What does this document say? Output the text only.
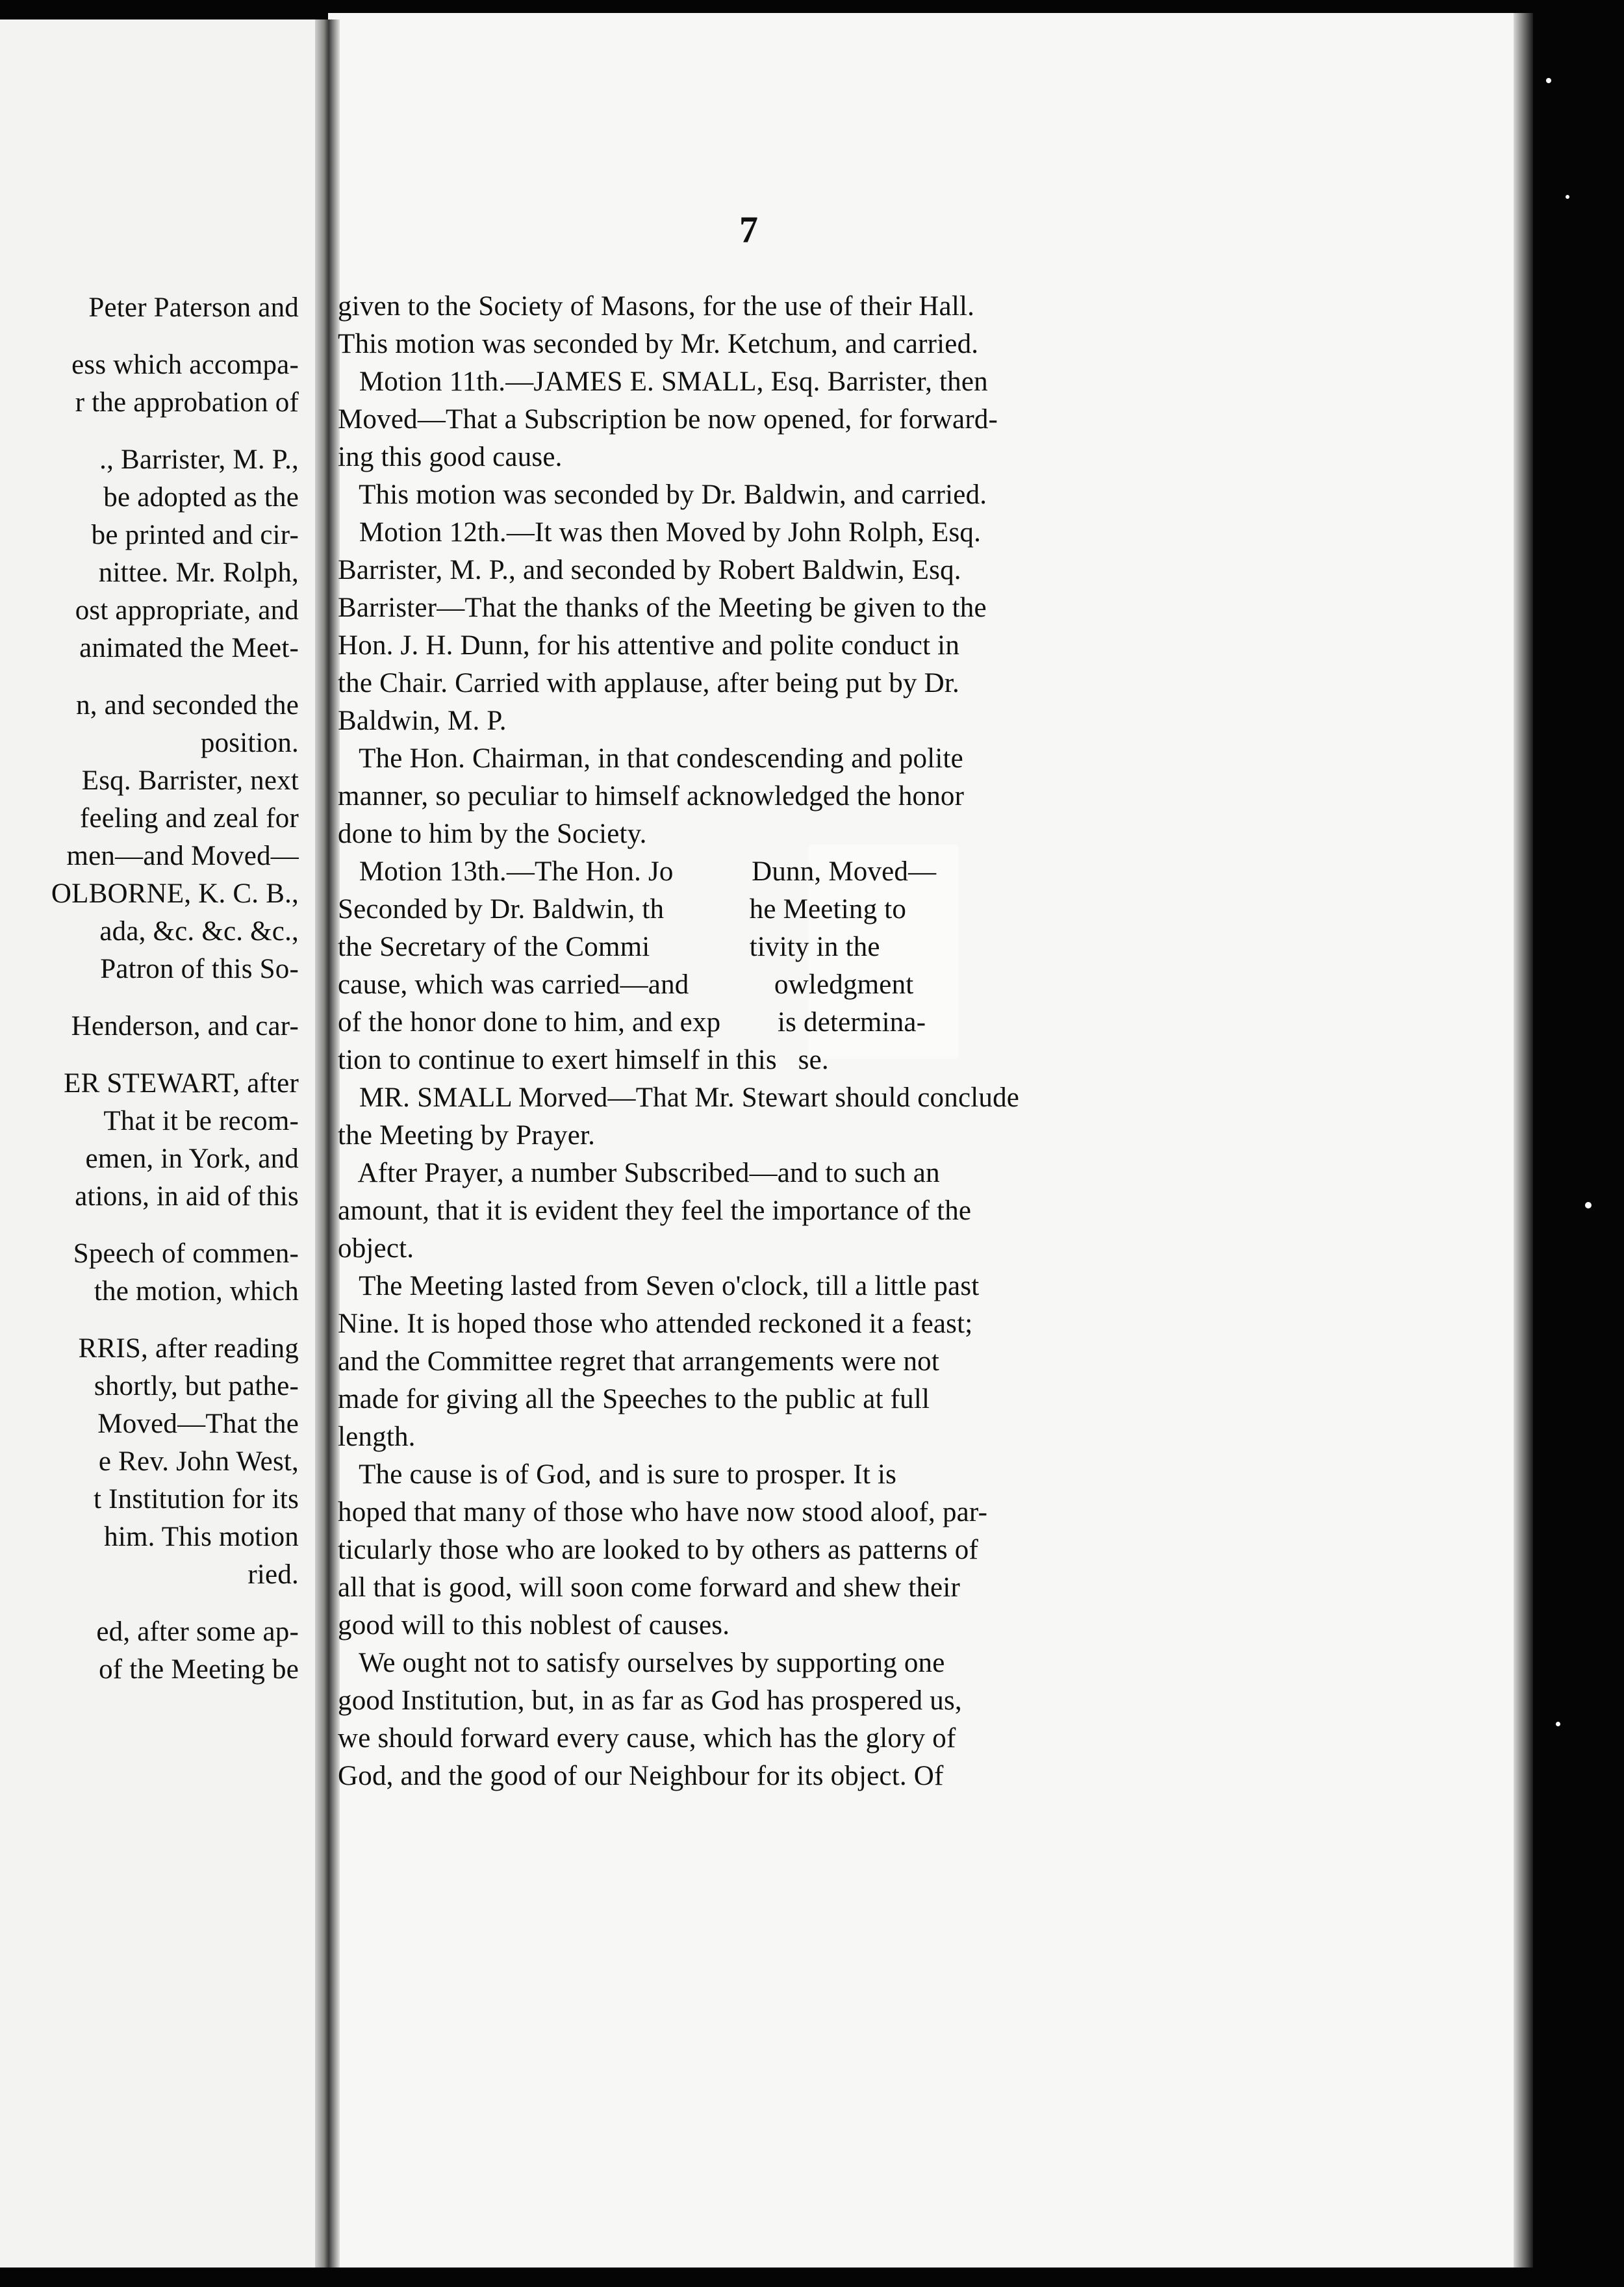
7
Peter Paterson and
ess which accompa-
r the approbation of
., Barrister, M. P.,
be adopted as the
be printed and cir-
nittee. Mr. Rolph,
ost appropriate, and
animated the Meet-
n, and seconded the
position.
Esq. Barrister, next
feeling and zeal for
men—and Moved—
OLBORNE, K. C. B.,
ada, &c. &c. &c.,
Patron of this So-
Henderson, and car-
ER STEWART, after
That it be recom-
emen, in York, and
ations, in aid of this
Speech of commen-
the motion, which
RRIS, after reading
shortly, but pathe-
Moved—That the
e Rev. John West,
t Institution for its
him. This motion
ried.
ed, after some ap-
of the Meeting be
given to the Society of Masons, for the use of their Hall.
This motion was seconded by Mr. Ketchum, and carried.
Motion 11th.—JAMES E. SMALL, Esq. Barrister, then
Moved—That a Subscription be now opened, for forward-
ing this good cause.
This motion was seconded by Dr. Baldwin, and carried.
Motion 12th.—It was then Moved by John Rolph, Esq.
Barrister, M. P., and seconded by Robert Baldwin, Esq.
Barrister—That the thanks of the Meeting be given to the
Hon. J. H. Dunn, for his attentive and polite conduct in
the Chair. Carried with applause, after being put by Dr.
Baldwin, M. P.
The Hon. Chairman, in that condescending and polite
manner, so peculiar to himself acknowledged the honor
done to him by the Society.
Motion 13th.—The Hon. Jo           Dunn, Moved—
Seconded by Dr. Baldwin, th            he Meeting to
the Secretary of the Commi              tivity in the
cause, which was carried—and            owledgment
of the honor done to him, and exp        is determina-
tion to continue to exert himself in this   se.
MR. SMALL Morved—That Mr. Stewart should conclude
the Meeting by Prayer.
After Prayer, a number Subscribed—and to such an
amount, that it is evident they feel the importance of the
object.
The Meeting lasted from Seven o'clock, till a little past
Nine. It is hoped those who attended reckoned it a feast;
and the Committee regret that arrangements were not
made for giving all the Speeches to the public at full
length.
The cause is of God, and is sure to prosper. It is
hoped that many of those who have now stood aloof, par-
ticularly those who are looked to by others as patterns of
all that is good, will soon come forward and shew their
good will to this noblest of causes.
We ought not to satisfy ourselves by supporting one
good Institution, but, in as far as God has prospered us,
we should forward every cause, which has the glory of
God, and the good of our Neighbour for its object. Of
